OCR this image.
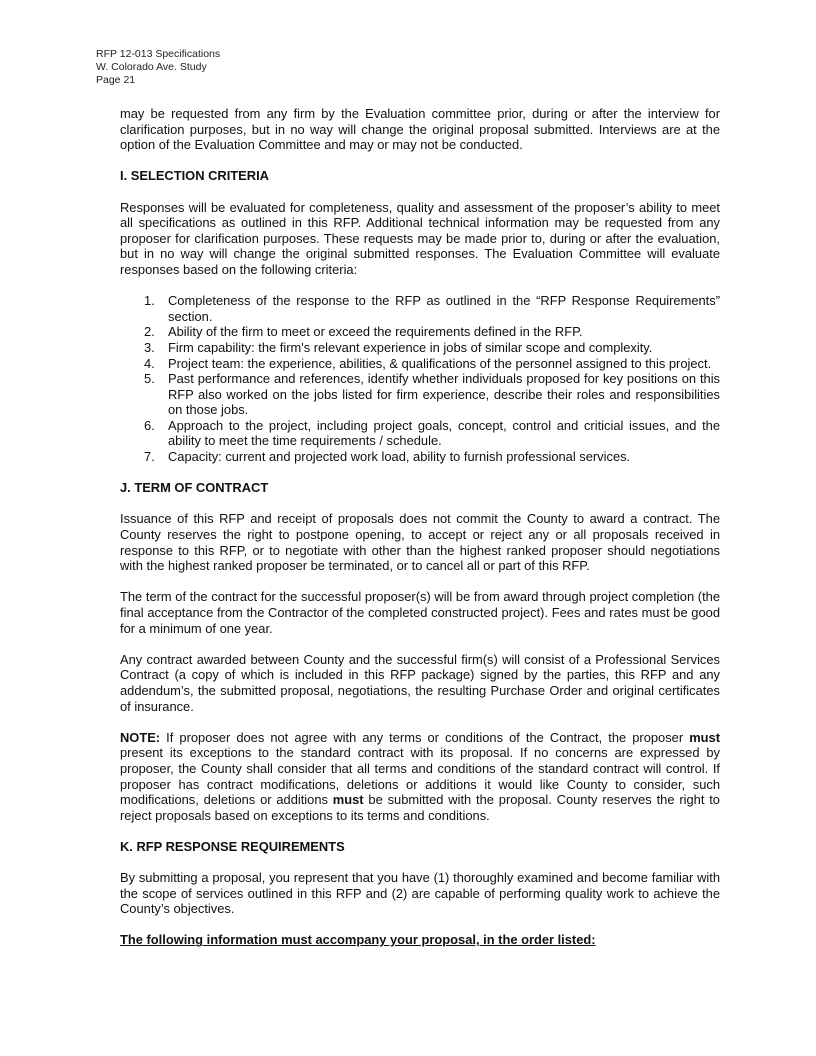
RFP 12-013 Specifications
W. Colorado Ave. Study
Page 21

may be requested from any firm by the Evaluation committee prior, during or after the interview for clarification purposes, but in no way will change the original proposal submitted. Interviews are at the option of the Evaluation Committee and may or may not be conducted.

I. SELECTION CRITERIA

Responses will be evaluated for completeness, quality and assessment of the proposer’s ability to meet all specifications as outlined in this RFP. Additional technical information may be requested from any proposer for clarification purposes. These requests may be made prior to, during or after the evaluation, but in no way will change the original submitted responses. The Evaluation Committee will evaluate responses based on the following criteria:

1. Completeness of the response to the RFP as outlined in the “RFP Response Requirements” section.
2. Ability of the firm to meet or exceed the requirements defined in the RFP.
3. Firm capability: the firm's relevant experience in jobs of similar scope and complexity.
4. Project team: the experience, abilities, & qualifications of the personnel assigned to this project.
5. Past performance and references, identify whether individuals proposed for key positions on this RFP also worked on the jobs listed for firm experience, describe their roles and responsibilities on those jobs.
6. Approach to the project, including project goals, concept, control and criticial issues, and the ability to meet the time requirements / schedule.
7. Capacity: current and projected work load, ability to furnish professional services.
J. TERM OF CONTRACT

Issuance of this RFP and receipt of proposals does not commit the County to award a contract. The County reserves the right to postpone opening, to accept or reject any or all proposals received in response to this RFP, or to negotiate with other than the highest ranked proposer should negotiations with the highest ranked proposer be terminated, or to cancel all or part of this RFP.

The term of the contract for the successful proposer(s) will be from award through project completion (the final acceptance from the Contractor of the completed constructed project). Fees and rates must be good for a minimum of one year.

Any contract awarded between County and the successful firm(s) will consist of a Professional Services Contract (a copy of which is included in this RFP package) signed by the parties, this RFP and any addendum’s, the submitted proposal, negotiations, the resulting Purchase Order and original certificates of insurance.

NOTE: If proposer does not agree with any terms or conditions of the Contract, the proposer must present its exceptions to the standard contract with its proposal. If no concerns are expressed by proposer, the County shall consider that all terms and conditions of the standard contract will control. If proposer has contract modifications, deletions or additions it would like County to consider, such modifications, deletions or additions must be submitted with the proposal. County reserves the right to reject proposals based on exceptions to its terms and conditions.

K. RFP RESPONSE REQUIREMENTS

By submitting a proposal, you represent that you have (1) thoroughly examined and become familiar with the scope of services outlined in this RFP and (2) are capable of performing quality work to achieve the County’s objectives.

The following information must accompany your proposal, in the order listed:
